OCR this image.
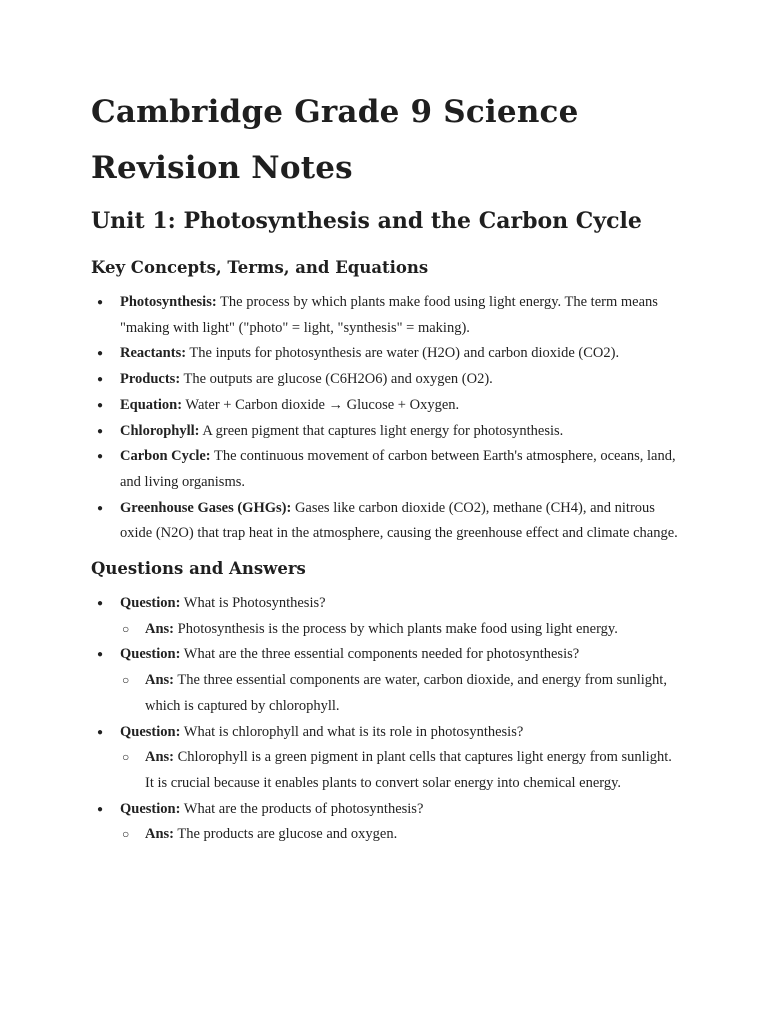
Cambridge Grade 9 Science Revision Notes
Unit 1: Photosynthesis and the Carbon Cycle
Key Concepts, Terms, and Equations
● Photosynthesis: The process by which plants make food using light energy. The term means "making with light" ("photo" = light, "synthesis" = making).
● Reactants: The inputs for photosynthesis are water (H2O) and carbon dioxide (CO2).
● Products: The outputs are glucose (C6H2O6) and oxygen (O2).
● Equation: Water + Carbon dioxide → Glucose + Oxygen.
● Chlorophyll: A green pigment that captures light energy for photosynthesis.
● Carbon Cycle: The continuous movement of carbon between Earth's atmosphere, oceans, land, and living organisms.
● Greenhouse Gases (GHGs): Gases like carbon dioxide (CO2), methane (CH4), and nitrous oxide (N2O) that trap heat in the atmosphere, causing the greenhouse effect and climate change.
Questions and Answers
● Question: What is Photosynthesis?
○ Ans: Photosynthesis is the process by which plants make food using light energy.
● Question: What are the three essential components needed for photosynthesis?
○ Ans: The three essential components are water, carbon dioxide, and energy from sunlight, which is captured by chlorophyll.
● Question: What is chlorophyll and what is its role in photosynthesis?
○ Ans: Chlorophyll is a green pigment in plant cells that captures light energy from sunlight. It is crucial because it enables plants to convert solar energy into chemical energy.
● Question: What are the products of photosynthesis?
○ Ans: The products are glucose and oxygen.
